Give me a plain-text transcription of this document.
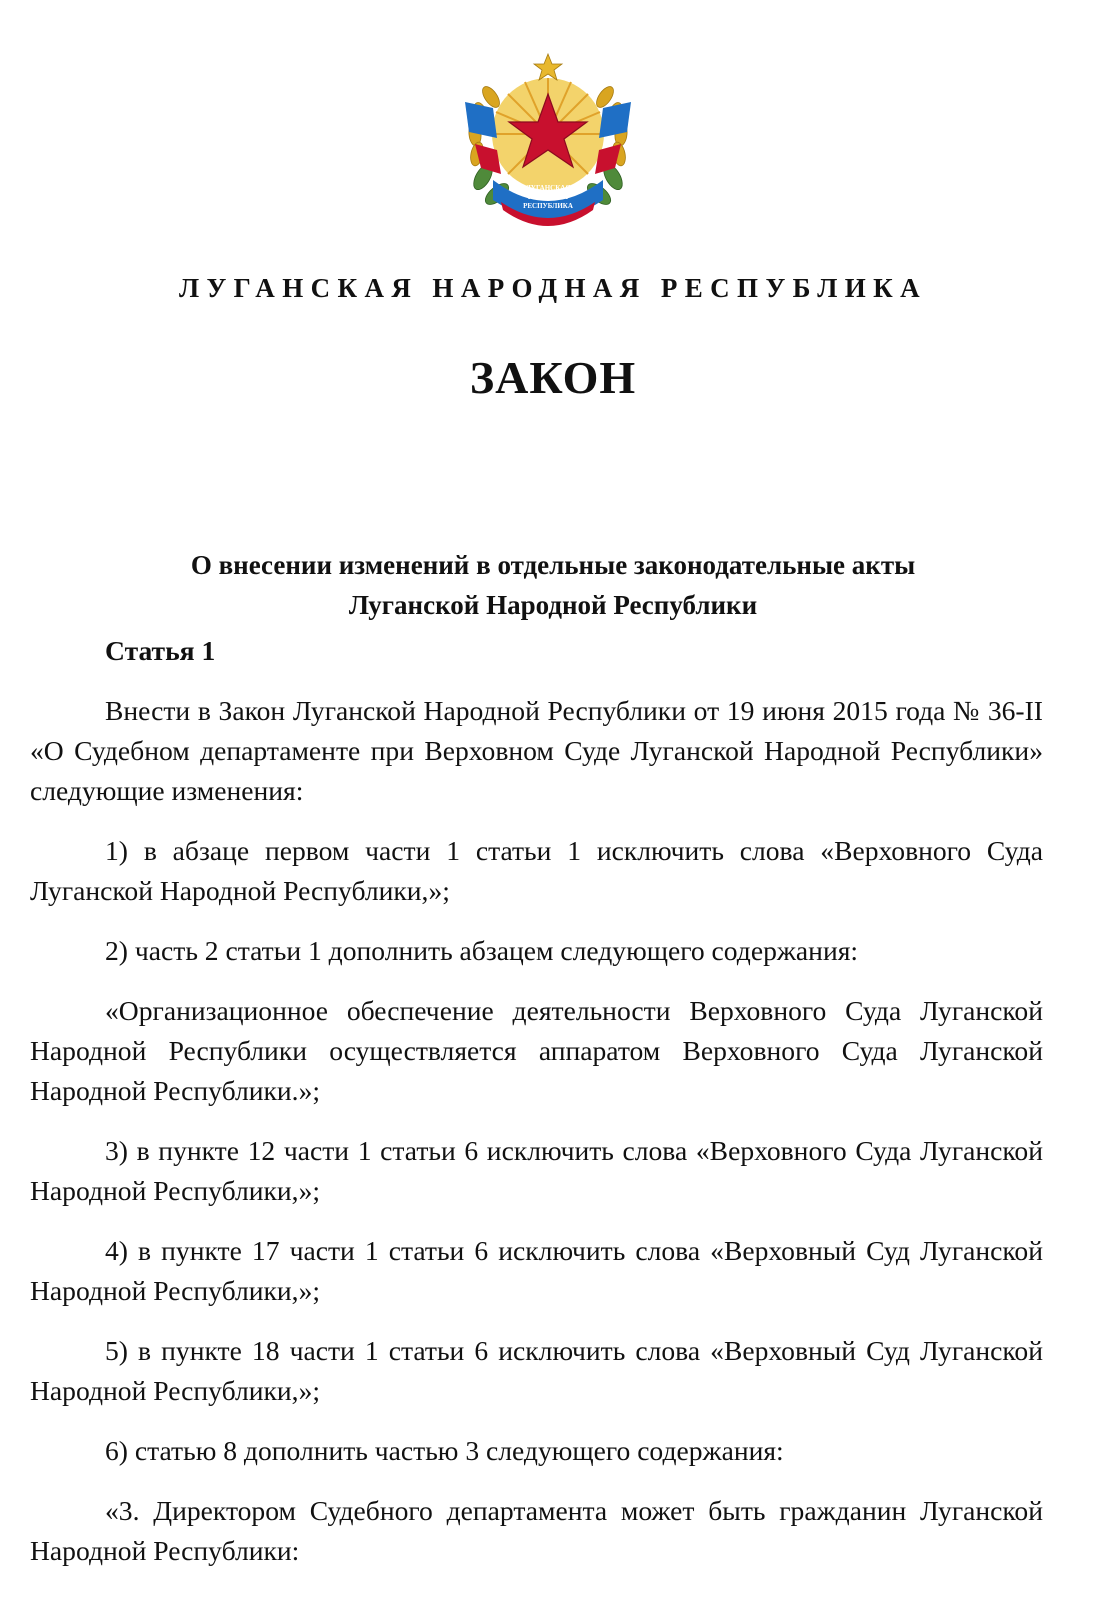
ЛУГАНСКАЯ
НАРОДНАЯ
РЕСПУБЛИКА
ЛУГАНСКАЯ НАРОДНАЯ РЕСПУБЛИКА
ЗАКОН
О внесении изменений в отдельные законодательные акты
Луганской Народной Республики
Статья 1

Внести в Закон Луганской Народной Республики от 19 июня 2015 года № 36-II «О Судебном департаменте при Верховном Суде Луганской Народной Республики» следующие изменения:

1) в абзаце первом части 1 статьи 1 исключить слова «Верховного Суда Луганской Народной Республики,»;

2) часть 2 статьи 1 дополнить абзацем следующего содержания:

«Организационное обеспечение деятельности Верховного Суда Луганской Народной Республики осуществляется аппаратом Верховного Суда Луганской Народной Республики.»;

3) в пункте 12 части 1 статьи 6 исключить слова «Верховного Суда Луганской Народной Республики,»;

4) в пункте 17 части 1 статьи 6 исключить слова «Верховный Суд Луганской Народной Республики,»;

5) в пункте 18 части 1 статьи 6 исключить слова «Верховный Суд Луганской Народной Республики,»;

6) статью 8 дополнить частью 3 следующего содержания:

«3. Директором Судебного департамента может быть гражданин Луганской Народной Республики:
